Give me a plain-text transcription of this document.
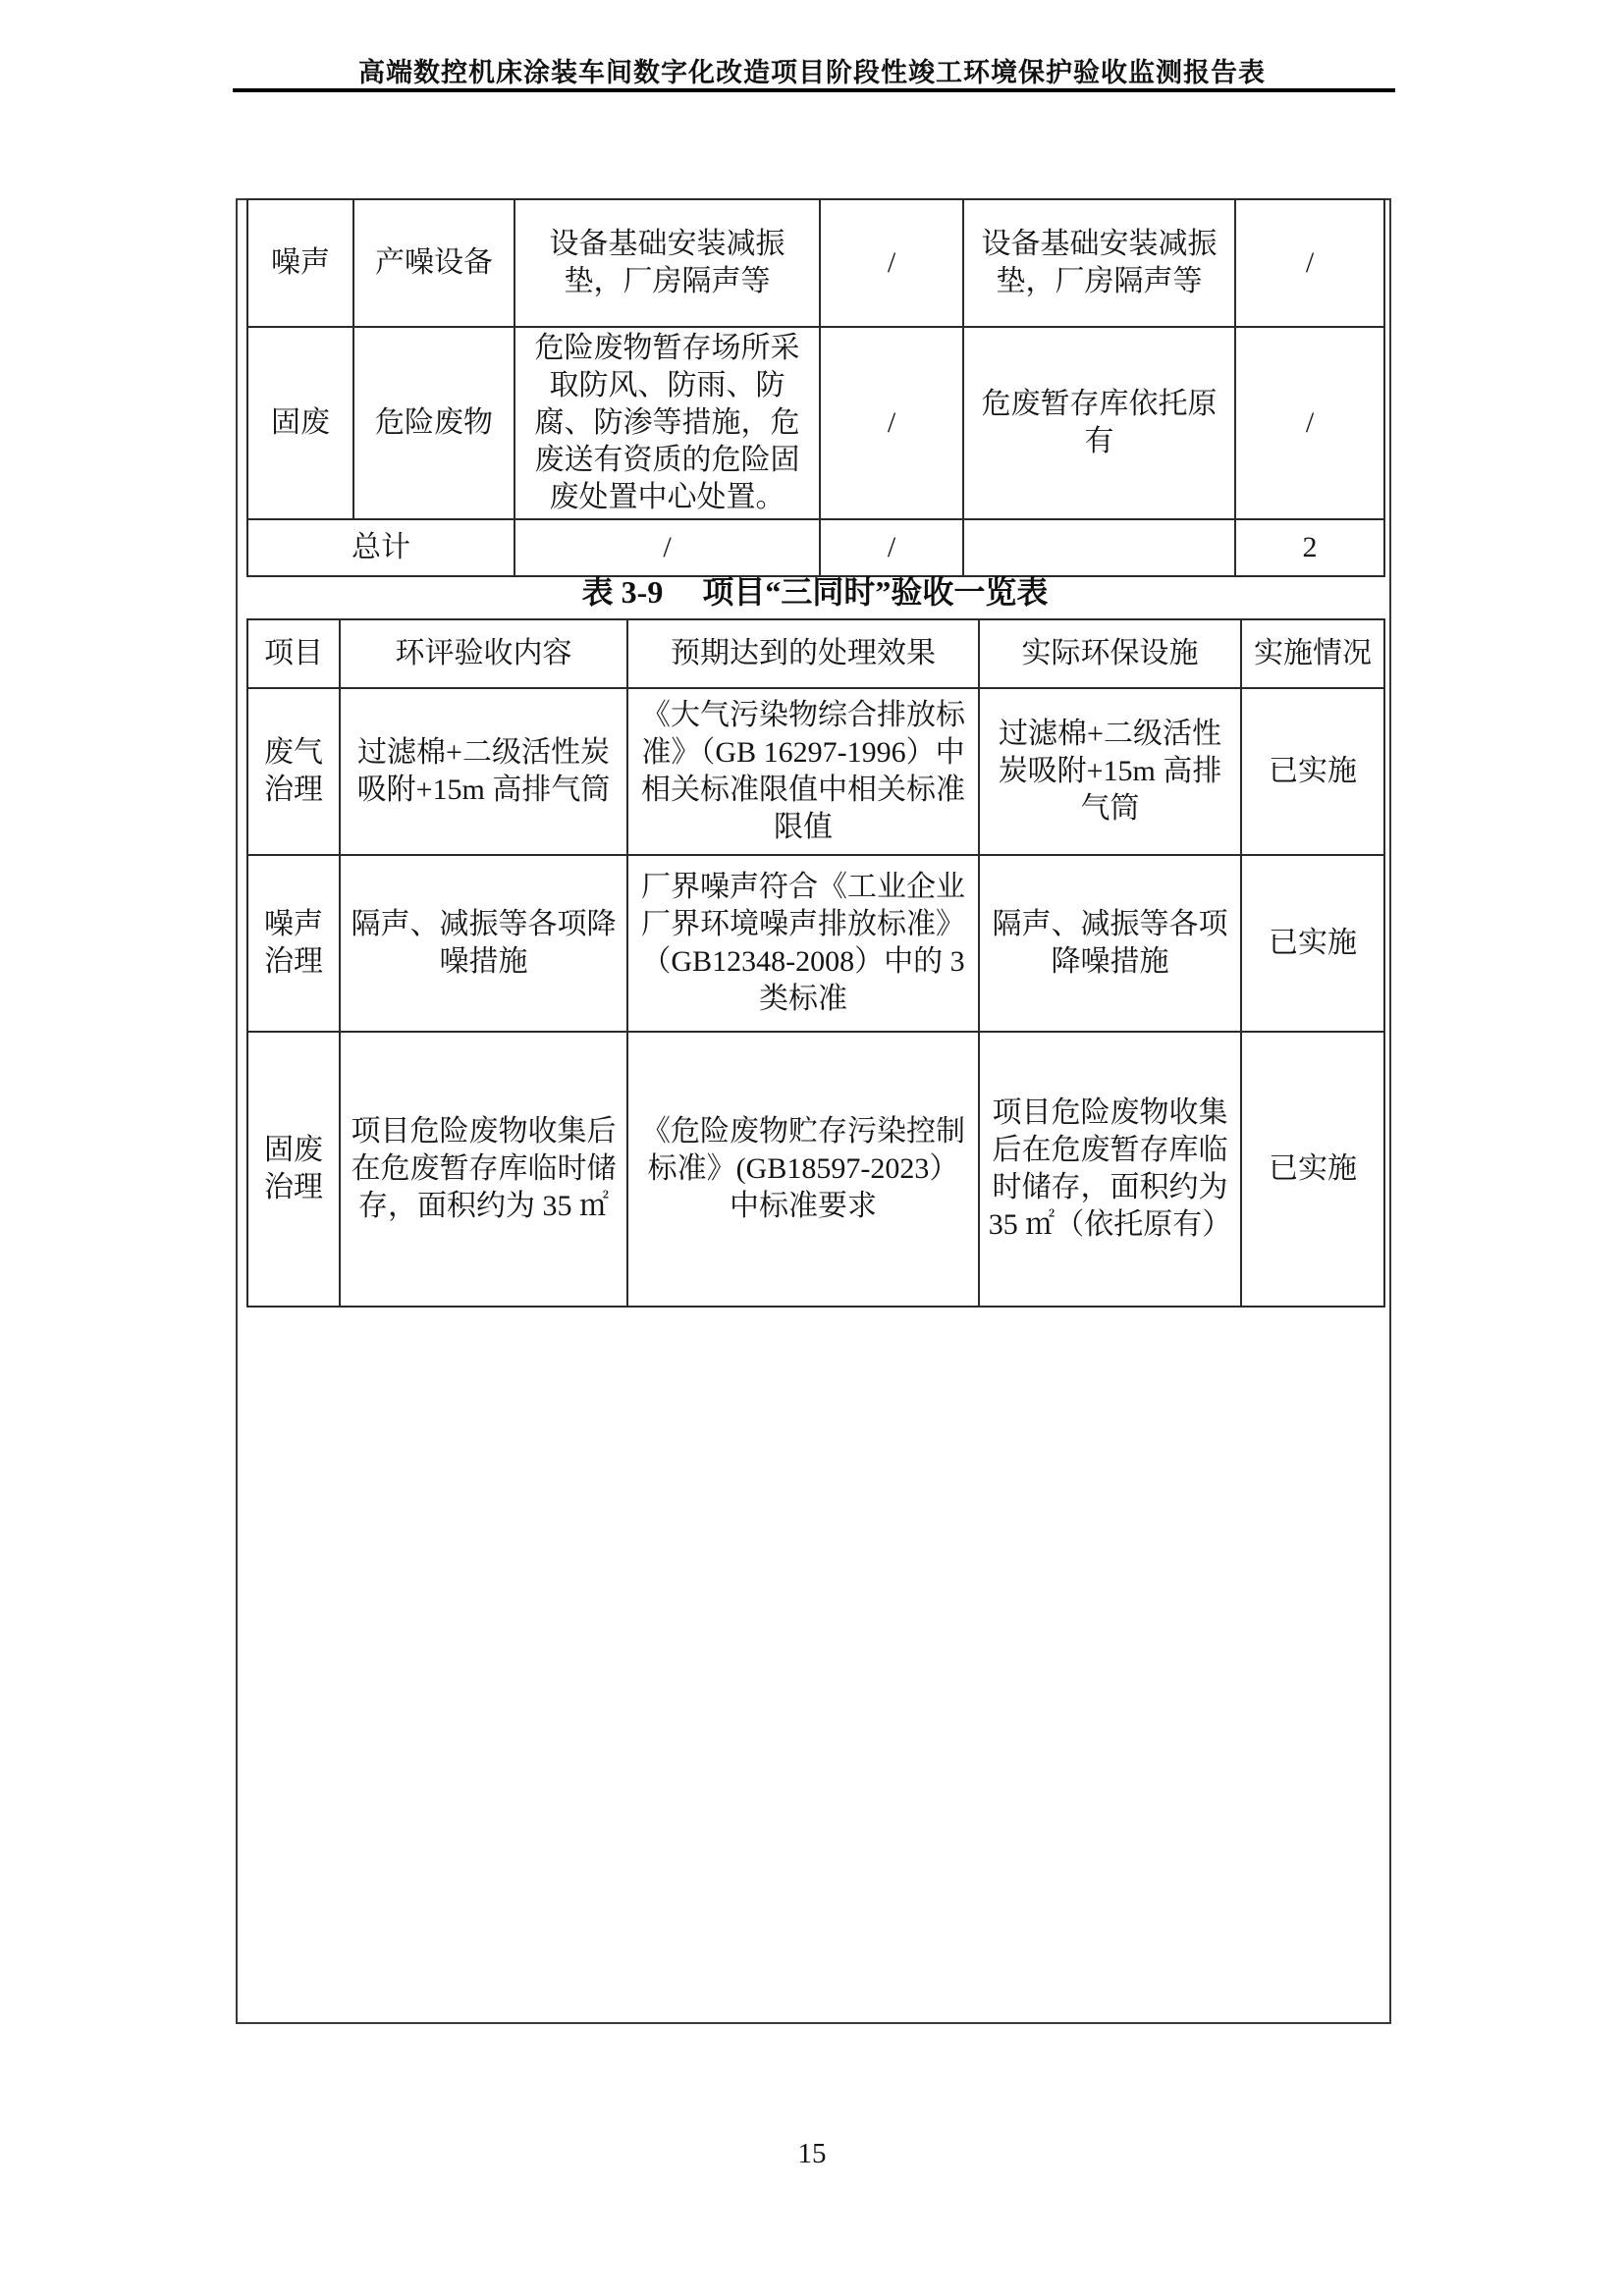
高端数控机床涂装车间数字化改造项目阶段性竣工环境保护验收监测报告表
噪声	产噪设备	设备基础安装减振垫，厂房隔声等	/	设备基础安装减振垫，厂房隔声等	/
固废	危险废物	危险废物暂存场所采取防风、防雨、防腐、防渗等措施，危废送有资质的危险固废处置中心处置。	/	危废暂存库依托原有	/
总计		/	/		2
表 3-9　 项目“三同时”验收一览表
项目	环评验收内容	预期达到的处理效果	实际环保设施	实施情况
废气治理	过滤棉+二级活性炭吸附+15m 高排气筒	《大气污染物综合排放标准》（GB 16297-1996）中相关标准限值中相关标准限值	过滤棉+二级活性炭吸附+15m 高排气筒	已实施
噪声治理	隔声、减振等各项降噪措施	厂界噪声符合《工业企业厂界环境噪声排放标准》（GB12348-2008）中的 3 类标准	隔声、减振等各项降噪措施	已实施
固废治理	项目危险废物收集后在危废暂存库临时储存，面积约为 35 ㎡	《危险废物贮存污染控制标准》(GB18597-2023）中标准要求	项目危险废物收集后在危废暂存库临时储存，面积约为 35 ㎡（依托原有）	已实施
15
